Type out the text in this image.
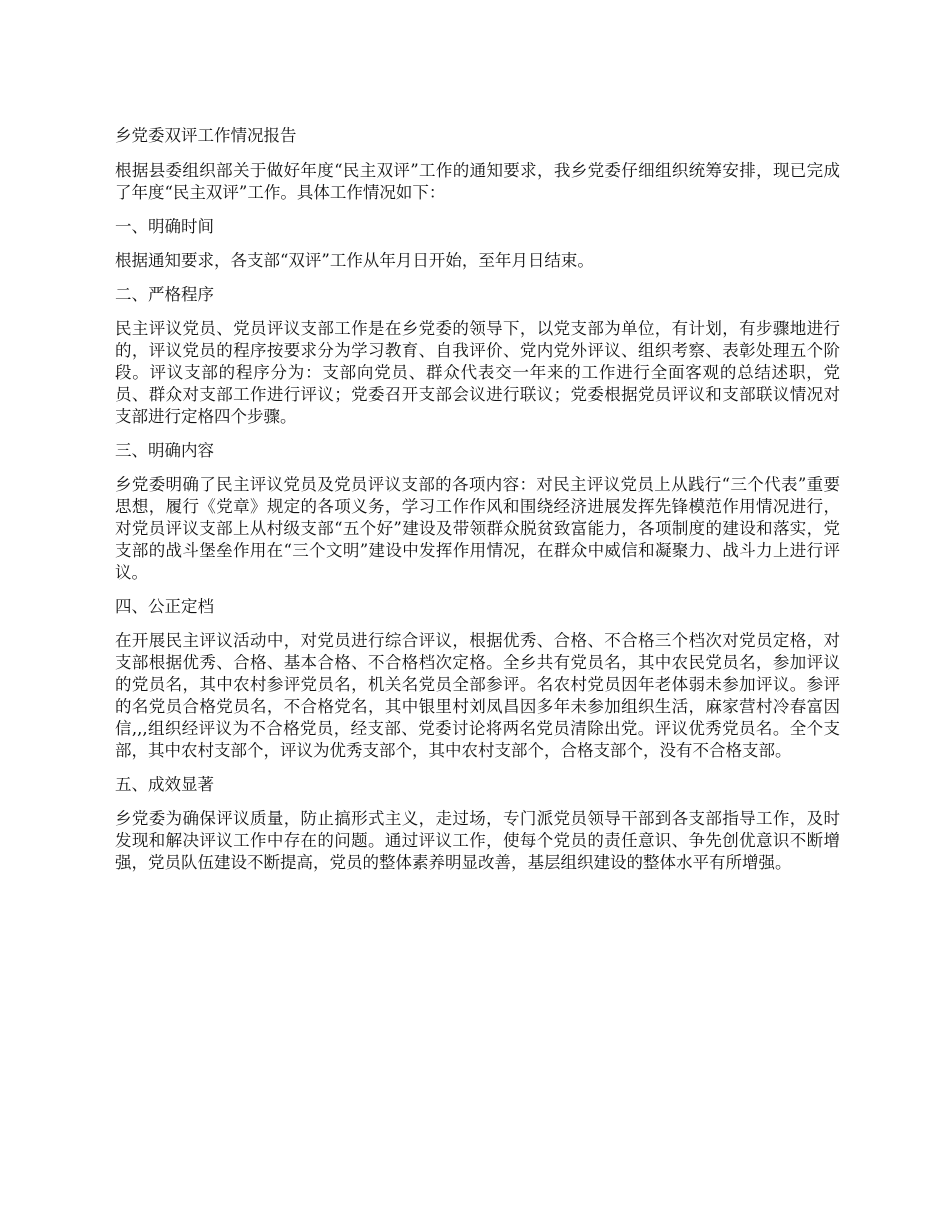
乡党委双评工作情况报告

根据县委组织部关于做好年度“民主双评”工作的通知要求，我乡党委仔细组织统筹安排，现已完成了年度“民主双评”工作。具体工作情况如下：

一、明确时间

根据通知要求，各支部“双评”工作从年月日开始，至年月日结束。

二、严格程序

民主评议党员、党员评议支部工作是在乡党委的领导下，以党支部为单位，有计划，有步骤地进行的，评议党员的程序按要求分为学习教育、自我评价、党内党外评议、组织考察、表彰处理五个阶段。评议支部的程序分为：支部向党员、群众代表交一年来的工作进行全面客观的总结述职，党员、群众对支部工作进行评议；党委召开支部会议进行联议；党委根据党员评议和支部联议情况对支部进行定格四个步骤。

三、明确内容

乡党委明确了民主评议党员及党员评议支部的各项内容：对民主评议党员上从践行“三个代表”重要思想，履行《党章》规定的各项义务，学习工作作风和围绕经济进展发挥先锋模范作用情况进行，对党员评议支部上从村级支部“五个好”建设及带领群众脱贫致富能力，各项制度的建设和落实，党支部的战斗堡垒作用在“三个文明”建设中发挥作用情况，在群众中威信和凝聚力、战斗力上进行评议。

四、公正定档

在开展民主评议活动中，对党员进行综合评议，根据优秀、合格、不合格三个档次对党员定格，对支部根据优秀、合格、基本合格、不合格档次定格。全乡共有党员名，其中农民党员名，参加评议的党员名，其中农村参评党员名，机关名党员全部参评。名农村党员因年老体弱未参加评议。参评的名党员合格党员名，不合格党名，其中银里村刘凤昌因多年未参加组织生活，麻家营村冷春富因信,,,组织经评议为不合格党员，经支部、党委讨论将两名党员清除出党。评议优秀党员名。全个支部，其中农村支部个，评议为优秀支部个，其中农村支部个，合格支部个，没有不合格支部。

五、成效显著

乡党委为确保评议质量，防止搞形式主义，走过场，专门派党员领导干部到各支部指导工作，及时发现和解决评议工作中存在的问题。通过评议工作，使每个党员的责任意识、争先创优意识不断增强，党员队伍建设不断提高，党员的整体素养明显改善，基层组织建设的整体水平有所增强。
